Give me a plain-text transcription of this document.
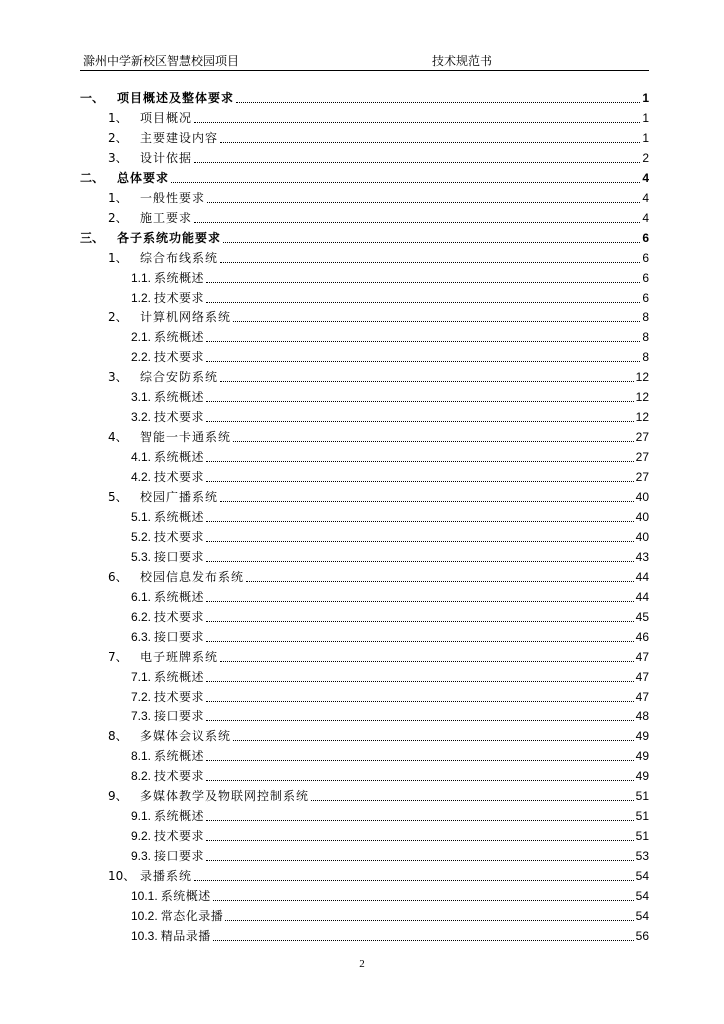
滁州中学新校区智慧校园项目	技术规范书
一、	项目概述及整体要求	1
1、	项目概况	1
2、	主要建设内容	1
3、	设计依据	2
二、	总体要求	4
1、	一般性要求	4
2、	施工要求	4
三、	各子系统功能要求	6
1、	综合布线系统	6
1.1. 系统概述	6
1.2. 技术要求	6
2、	计算机网络系统	8
2.1. 系统概述	8
2.2. 技术要求	8
3、	综合安防系统	12
3.1. 系统概述	12
3.2. 技术要求	12
4、	智能一卡通系统	27
4.1. 系统概述	27
4.2. 技术要求	27
5、	校园广播系统	40
5.1. 系统概述	40
5.2. 技术要求	40
5.3. 接口要求	43
6、	校园信息发布系统	44
6.1. 系统概述	44
6.2. 技术要求	45
6.3. 接口要求	46
7、	电子班牌系统	47
7.1. 系统概述	47
7.2. 技术要求	47
7.3. 接口要求	48
8、	多媒体会议系统	49
8.1. 系统概述	49
8.2. 技术要求	49
9、	多媒体教学及物联网控制系统	51
9.1. 系统概述	51
9.2. 技术要求	51
9.3. 接口要求	53
10、 录播系统	54
10.1. 系统概述	54
10.2. 常态化录播	54
10.3. 精品录播	56
2
